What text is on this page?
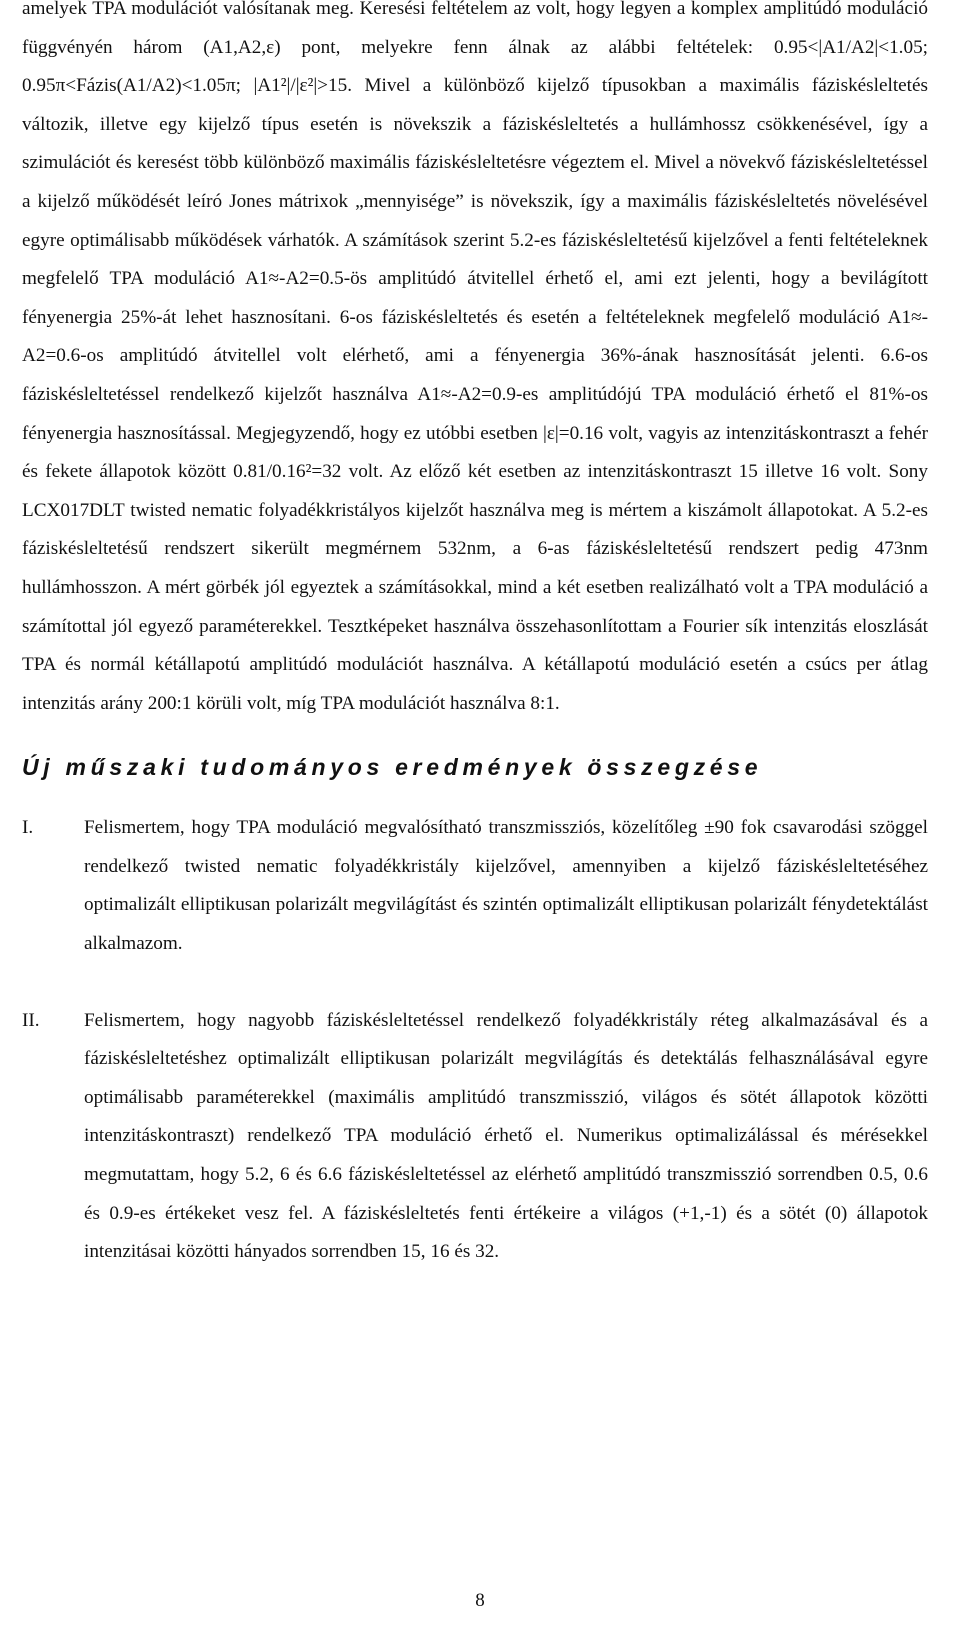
amelyek TPA modulációt valósítanak meg. Keresési feltételem az volt, hogy legyen a komplex amplitúdó moduláció függvényén három (A1,A2,ε) pont, melyekre fenn álnak az alábbi feltételek: 0.95<|A1/A2|<1.05; 0.95π<Fázis(A1/A2)<1.05π; |A1²|/|ε²|>15. Mivel a különböző kijelző típusokban a maximális fáziskésleltetés változik, illetve egy kijelző típus esetén is növekszik a fáziskésleltetés a hullámhossz csökkenésével, így a szimulációt és keresést több különböző maximális fáziskésleltetésre végeztem el. Mivel a növekvő fáziskésleltetéssel a kijelző működését leíró Jones mátrixok „mennyisége” is növekszik, így a maximális fáziskésleltetés növelésével egyre optimálisabb működések várhatók. A számítások szerint 5.2-es fáziskésleltetésű kijelzővel a fenti feltételeknek megfelelő TPA moduláció A1≈-A2=0.5-ös amplitúdó átvitellel érhető el, ami ezt jelenti, hogy a bevilágított fényenergia 25%-át lehet hasznosítani. 6-os fáziskésleltetés és esetén a feltételeknek megfelelő moduláció A1≈-A2=0.6-os amplitúdó átvitellel volt elérhető, ami a fényenergia 36%-ának hasznosítását jelenti. 6.6-os fáziskésleltetéssel rendelkező kijelzőt használva A1≈-A2=0.9-es amplitúdójú TPA moduláció érhető el 81%-os fényenergia hasznosítással. Megjegyzendő, hogy ez utóbbi esetben |ε|=0.16 volt, vagyis az intenzitáskontraszt a fehér és fekete állapotok között 0.81/0.16²=32 volt. Az előző két esetben az intenzitáskontraszt 15 illetve 16 volt. Sony LCX017DLT twisted nematic folyadékkristályos kijelzőt használva meg is mértem a kiszámolt állapotokat. A 5.2-es fáziskésleltetésű rendszert sikerült megmérnem 532nm, a 6-as fáziskésleltetésű rendszert pedig 473nm hullámhosszon. A mért görbék jól egyeztek a számításokkal, mind a két esetben realizálható volt a TPA moduláció a számítottal jól egyező paraméterekkel. Tesztképeket használva összehasonlítottam a Fourier sík intenzitás eloszlását TPA és normál kétállapotú amplitúdó modulációt használva. A kétállapotú moduláció esetén a csúcs per átlag intenzitás arány 200:1 körüli volt, míg TPA modulációt használva 8:1.

Új műszaki tudományos eredmények összegzése
I.	Felismertem, hogy TPA moduláció megvalósítható transzmissziós, közelítőleg ±90 fok csavarodási szöggel rendelkező twisted nematic folyadékkristály kijelzővel, amennyiben a kijelző fáziskésleltetéséhez optimalizált elliptikusan polarizált megvilágítást és szintén optimalizált elliptikusan polarizált fénydetektálást alkalmazom.

II.	Felismertem, hogy nagyobb fáziskésleltetéssel rendelkező folyadékkristály réteg alkalmazásával és a fáziskésleltetéshez optimalizált elliptikusan polarizált megvilágítás és detektálás felhasználásával egyre optimálisabb paraméterekkel (maximális amplitúdó transzmisszió, világos és sötét állapotok közötti intenzitáskontraszt) rendelkező TPA moduláció érhető el. Numerikus optimalizálással és mérésekkel megmutattam, hogy 5.2, 6 és 6.6 fáziskésleltetéssel az elérhető amplitúdó transzmisszió sorrendben 0.5, 0.6 és 0.9-es értékeket vesz fel. A fáziskésleltetés fenti értékeire a világos (+1,-1) és a sötét (0) állapotok intenzitásai közötti hányados sorrendben 15, 16 és 32.

8
